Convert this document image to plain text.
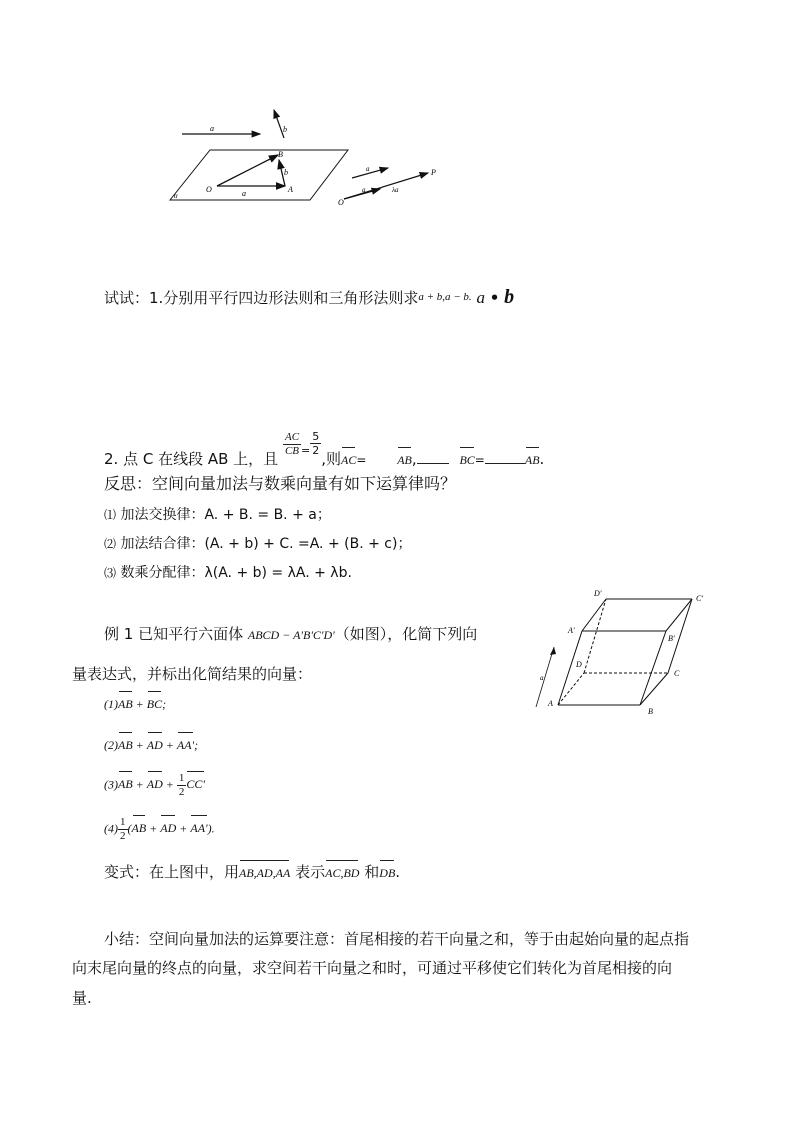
a	b
α
B
O	A
a
b	a
a	λa
P
O
试试：1.分别用平行四边形法则和三角形法则求$^{a + b,a - b.}$ a • b
2. 点 C 在线段 AB 上，且
$\frac{AC}{CB} ^= \frac{5}{2}$
,则AC=	AB,	BC=	AB.
反思：空间向量加法与数乘向量有如下运算律吗？
⑴ 加法交换律：A. + B. = B. + a；
⑵ 加法结合律：(A. + b) + C. =A. + (B. + c)；
⑶ 数乘分配律：λ(A. + b) = λA. + λb.
例 1 已知平行六面体 ABCD − A'B'C'D'（如图），化简下列向
量表达式，并标出化简结果的向量：
(1)AB + BC;
(2)AB + AD + AA';
(3)AB + AD + $\frac{1}{2} CC'$
$(4) \frac{1}{2} (AB$ + AD + AA').
变式：在上图中，用AB,AD,AA 表示AC,BD 和DB.
小结：空间向量加法的运算要注意：首尾相接的若干向量之和，等于由起始向量的起点指
向末尾向量的终点的向量，求空间若干向量之和时，可通过平移使它们转化为首尾相接的向
量.
a
D'
C'
A'
B'
D
C
A
B
